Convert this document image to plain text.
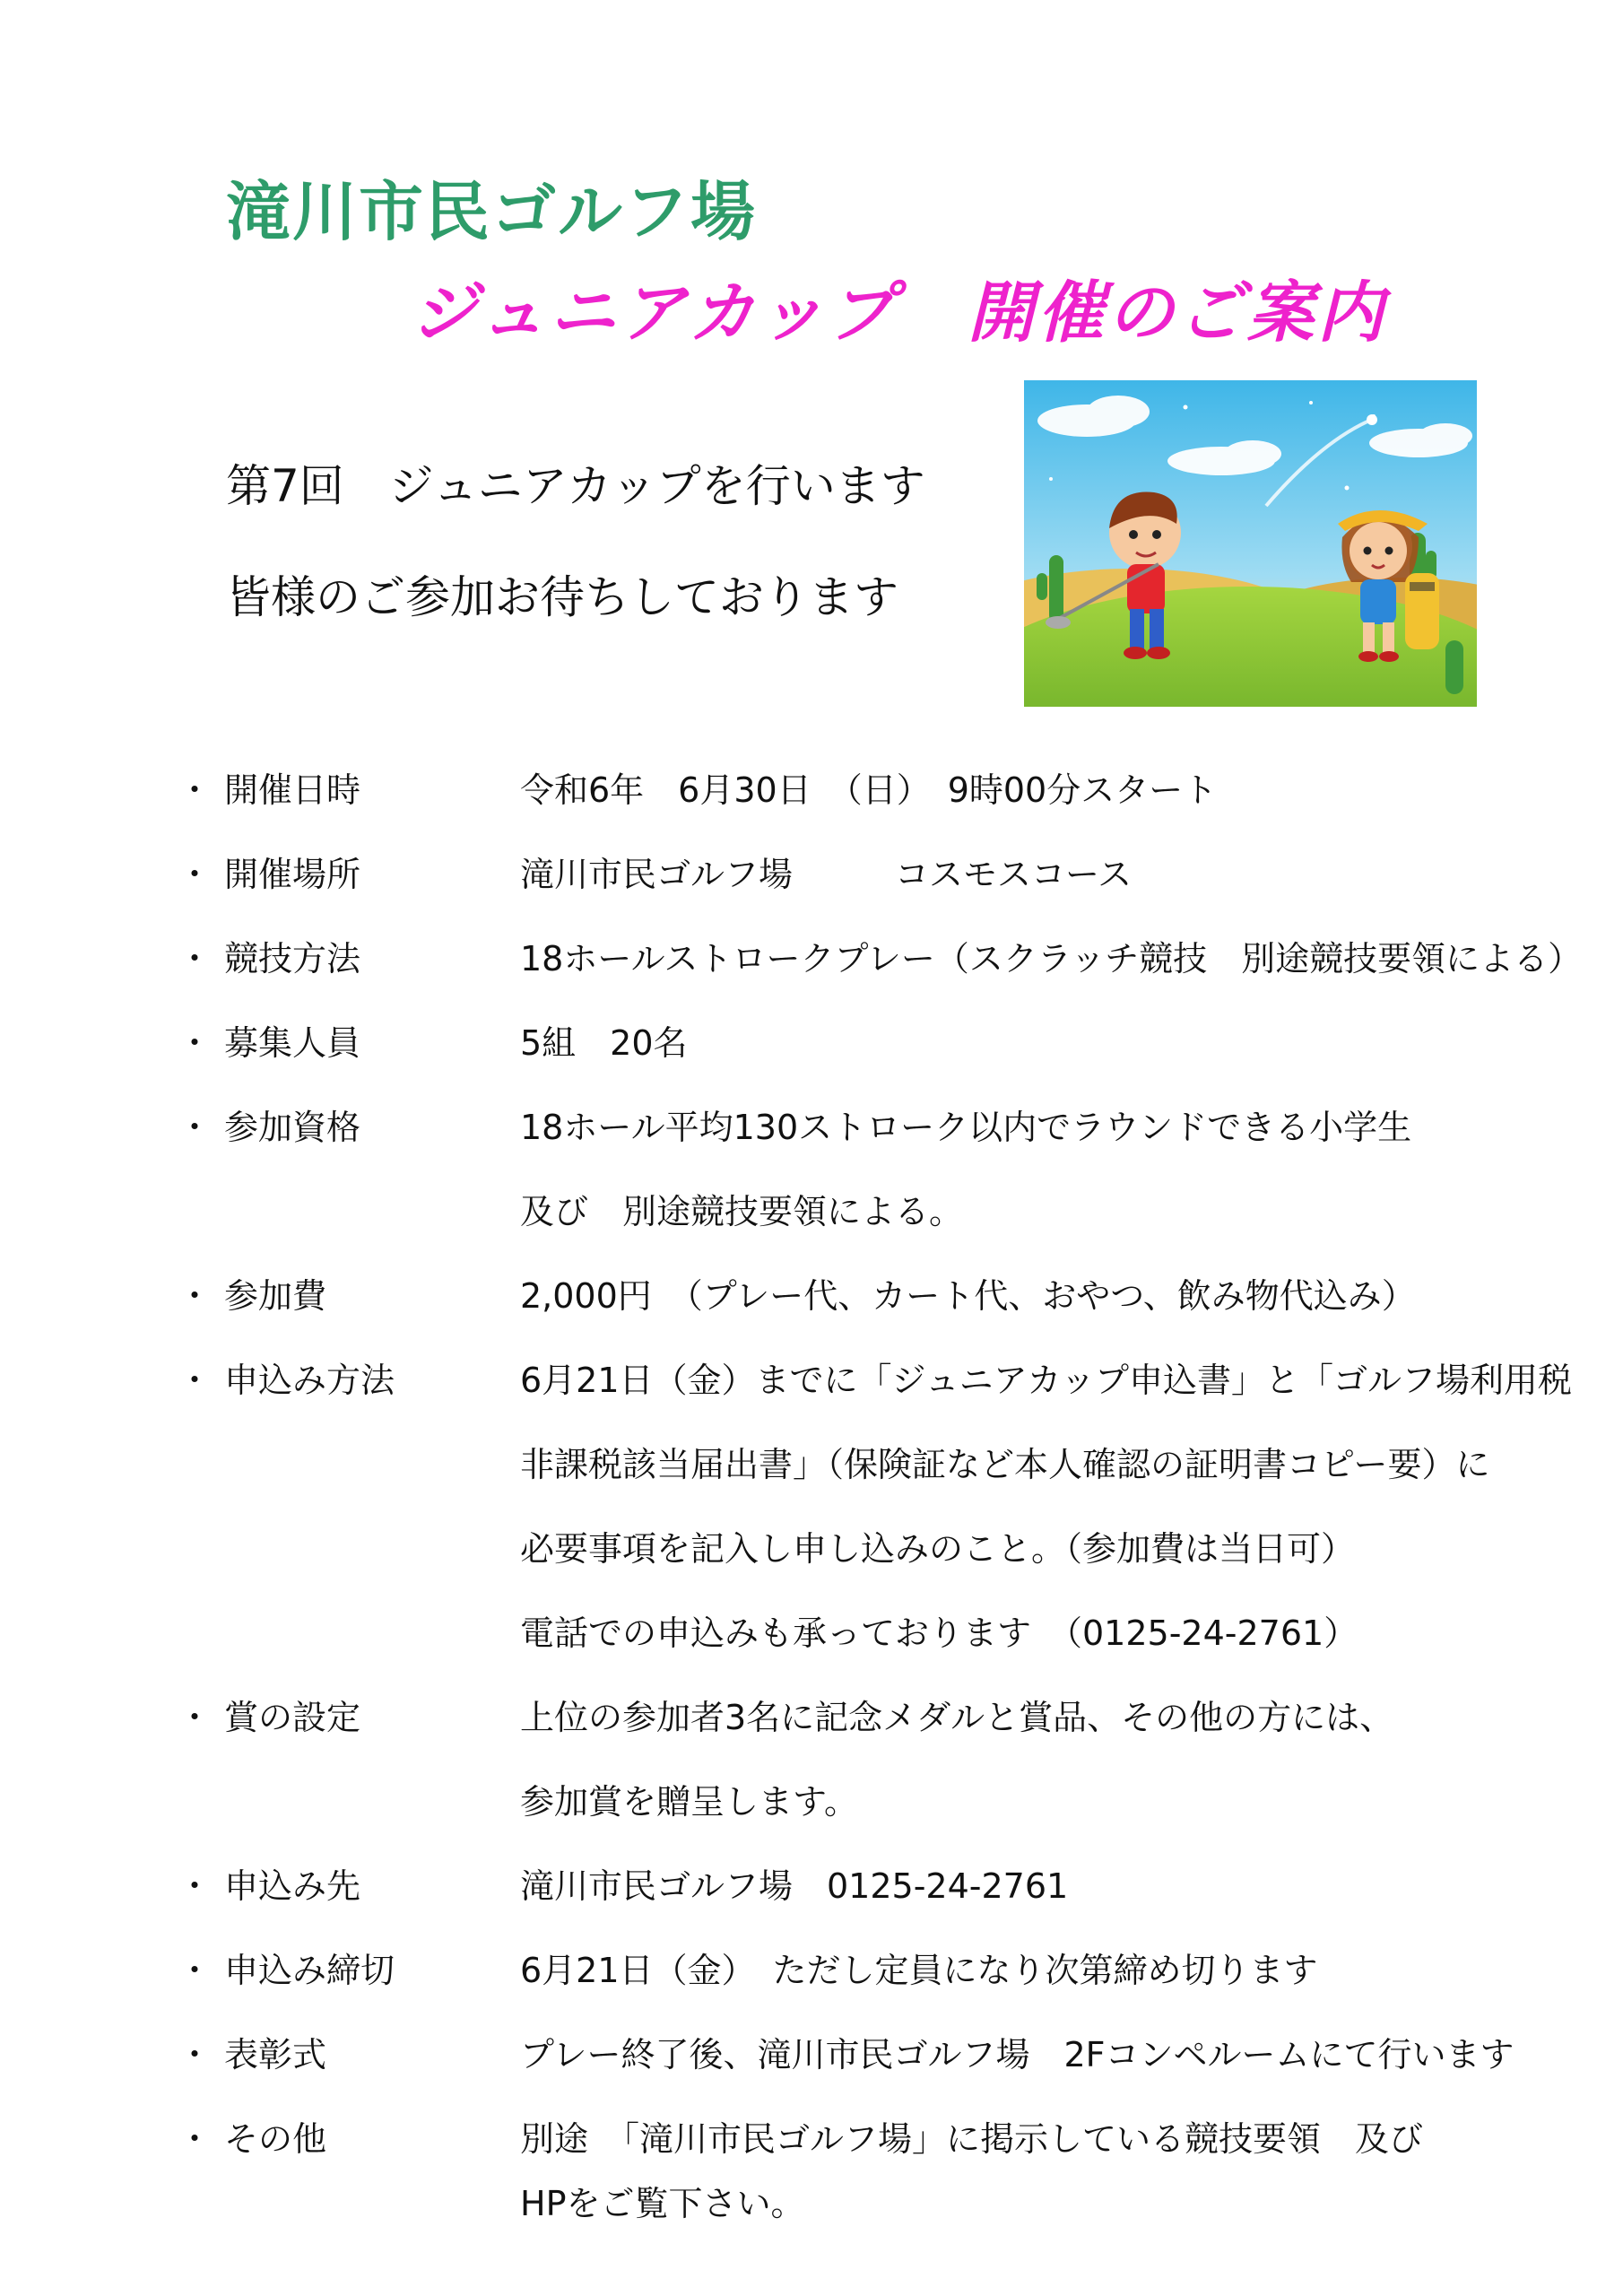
滝川市民ゴルフ場
ジュニアカップ　開催のご案内
第7回　ジュニアカップを行います
皆様のご参加お待ちしております
・ 開催日時	令和6年　6月30日　（日）　9時00分スタート
・ 開催場所	滝川市民ゴルフ場　　　コスモスコース
・ 競技方法	18ホールストロークプレー（スクラッチ競技　別途競技要領による）
・ 募集人員	5組　20名
・ 参加資格	18ホール平均130ストローク以内でラウンドできる小学生
及び　別途競技要領による。
・ 参加費	2,000円　（プレー代、カート代、おやつ、飲み物代込み）
・ 申込み方法	6月21日（金）までに「ジュニアカップ申込書」と「ゴルフ場利用税
非課税該当届出書」（保険証など本人確認の証明書コピー要）に
必要事項を記入し申し込みのこと。（参加費は当日可）
電話での申込みも承っております　（0125-24-2761）
・ 賞の設定	上位の参加者3名に記念メダルと賞品、その他の方には、
参加賞を贈呈します。
・ 申込み先	滝川市民ゴルフ場　0125-24-2761
・ 申込み締切	6月21日（金）　ただし定員になり次第締め切ります
・ 表彰式	プレー終了後、滝川市民ゴルフ場　2Fコンペルームにて行います
・ その他	別途　「滝川市民ゴルフ場」に掲示している競技要領　及び
HPをご覧下さい。
